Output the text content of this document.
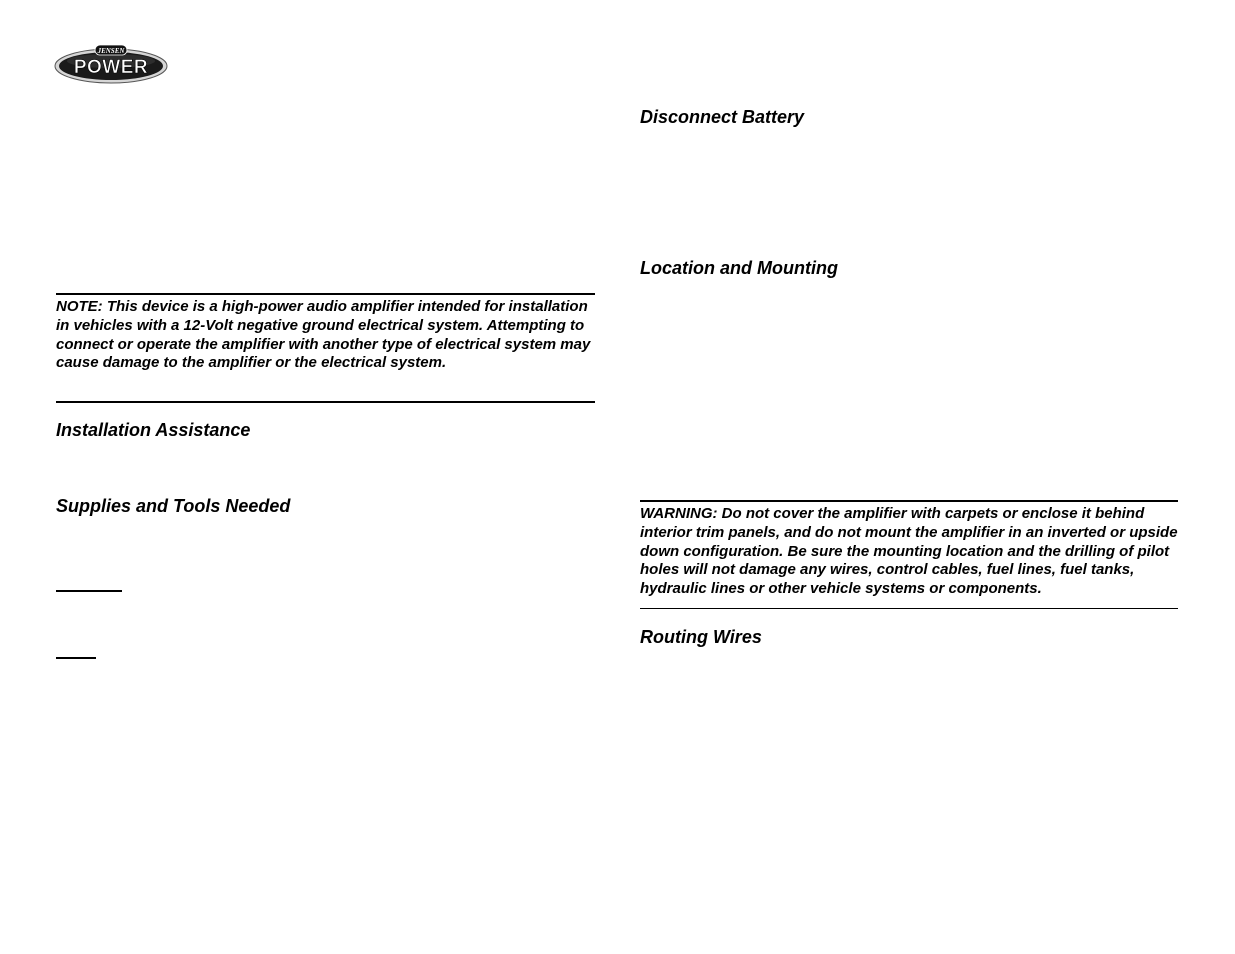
JENSEN
POWER

NOTE: This device is a high-power audio amplifier intended for installation in vehicles with a 12-Volt negative ground electrical system. Attempting to connect or operate the amplifier with another type of electrical system may cause damage to the amplifier or the electrical system.

Installation Assistance
Supplies and Tools Needed
Disconnect Battery
Location and Mounting

WARNING: Do not cover the amplifier with carpets or enclose it behind interior trim panels, and do not mount the amplifier in an inverted or upside down configuration. Be sure the mounting location and the drilling of pilot holes will not damage any wires, control cables, fuel lines, fuel tanks, hydraulic lines or other vehicle systems or components.

Routing Wires
